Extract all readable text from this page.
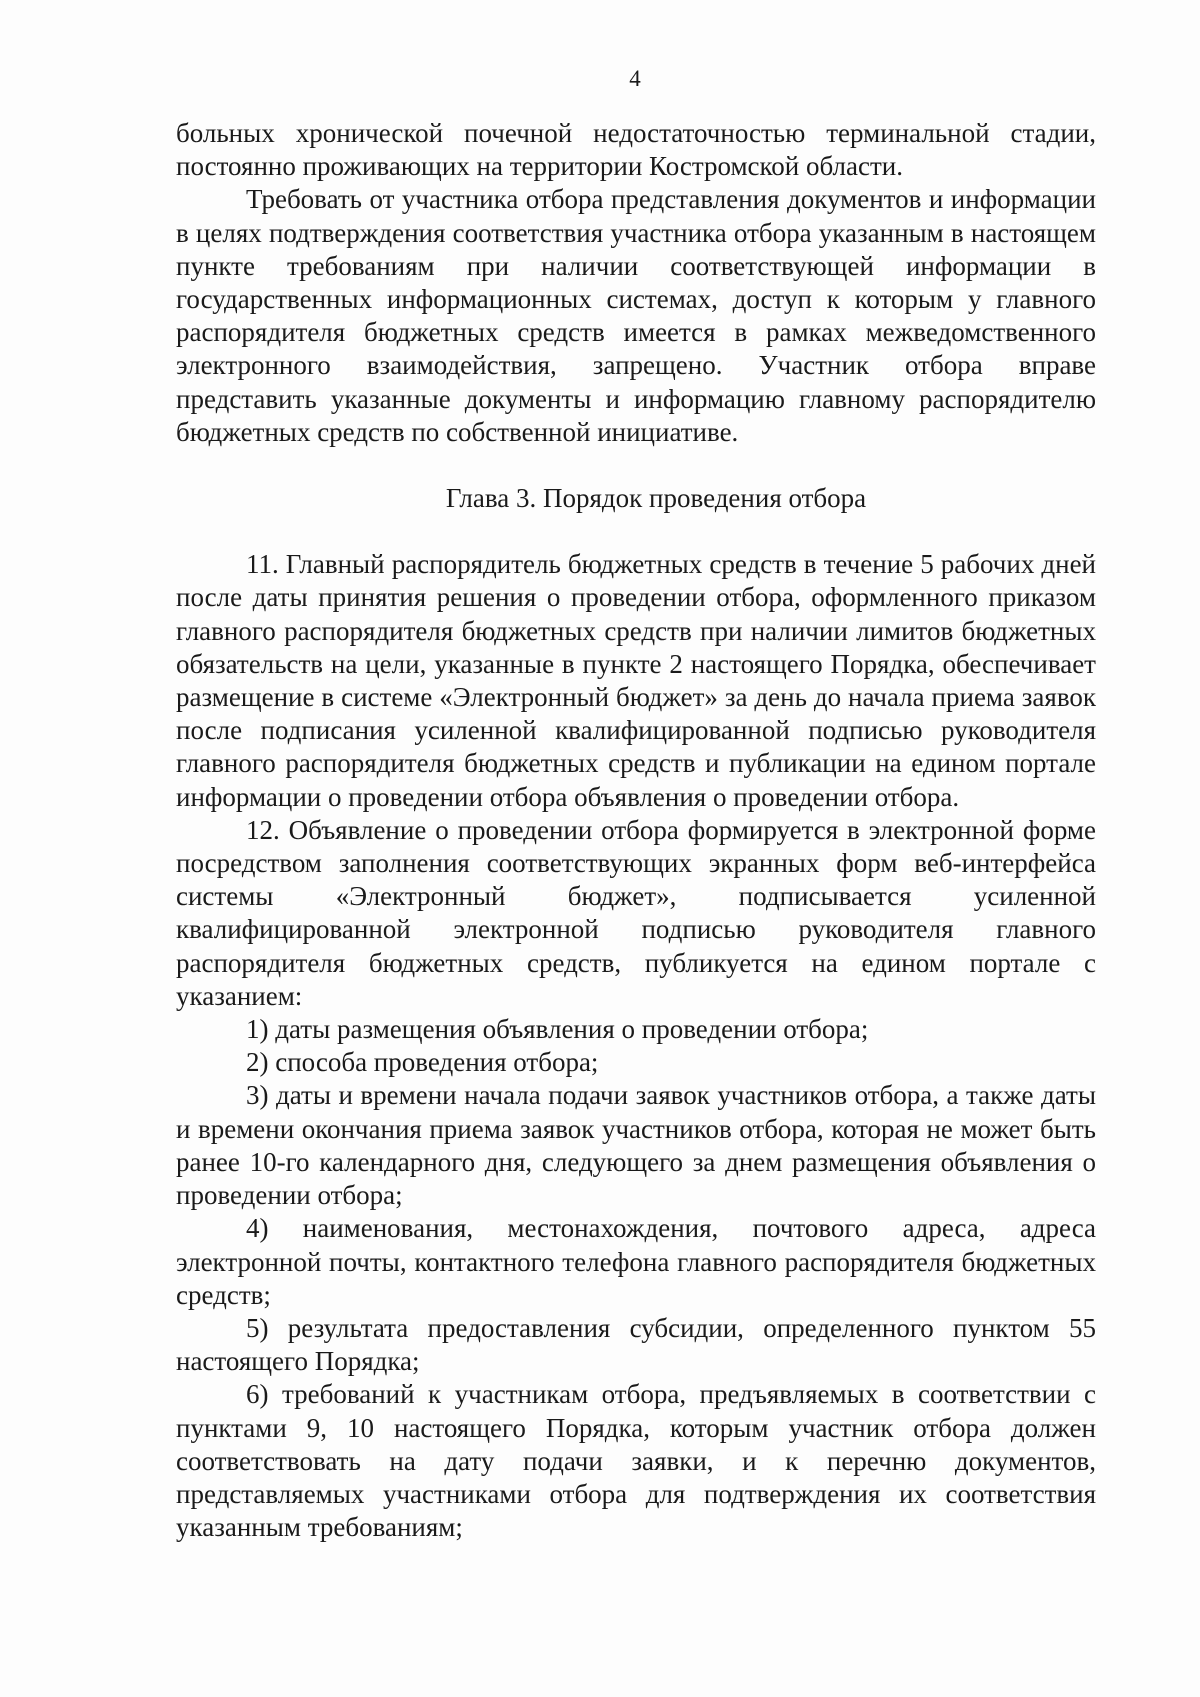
4

больных хронической почечной недостаточностью терминальной стадии, постоянно проживающих на территории Костромской области.

Требовать от участника отбора представления документов и информации в целях подтверждения соответствия участника отбора указанным в настоящем пункте требованиям при наличии соответствующей информации в государственных информационных системах, доступ к которым у главного распорядителя бюджетных средств имеется в рамках межведомственного электронного взаимодействия, запрещено. Участник отбора вправе представить указанные документы и информацию главному распорядителю бюджетных средств по собственной инициативе.

Глава 3. Порядок проведения отбора

11. Главный распорядитель бюджетных средств в течение 5 рабочих дней после даты принятия решения о проведении отбора, оформленного приказом главного распорядителя бюджетных средств при наличии лимитов бюджетных обязательств на цели, указанные в пункте 2 настоящего Порядка, обеспечивает размещение в системе «Электронный бюджет» за день до начала приема заявок после подписания усиленной квалифицированной подписью руководителя главного распорядителя бюджетных средств и публикации на едином портале информации о проведении отбора объявления о проведении отбора.

12. Объявление о проведении отбора формируется в электронной форме посредством заполнения соответствующих экранных форм веб-интерфейса системы «Электронный бюджет», подписывается усиленной квалифицированной электронной подписью руководителя главного распорядителя бюджетных средств, публикуется на едином портале с указанием:

1) даты размещения объявления о проведении отбора;

2) способа проведения отбора;

3) даты и времени начала подачи заявок участников отбора, а также даты и времени окончания приема заявок участников отбора, которая не может быть ранее 10-го календарного дня, следующего за днем размещения объявления о проведении отбора;

4) наименования, местонахождения, почтового адреса, адреса электронной почты, контактного телефона главного распорядителя бюджетных средств;

5) результата предоставления субсидии, определенного пунктом 55 настоящего Порядка;

6) требований к участникам отбора, предъявляемых в соответствии с пунктами 9, 10 настоящего Порядка, которым участник отбора должен соответствовать на дату подачи заявки, и к перечню документов, представляемых участниками отбора для подтверждения их соответствия указанным требованиям;
